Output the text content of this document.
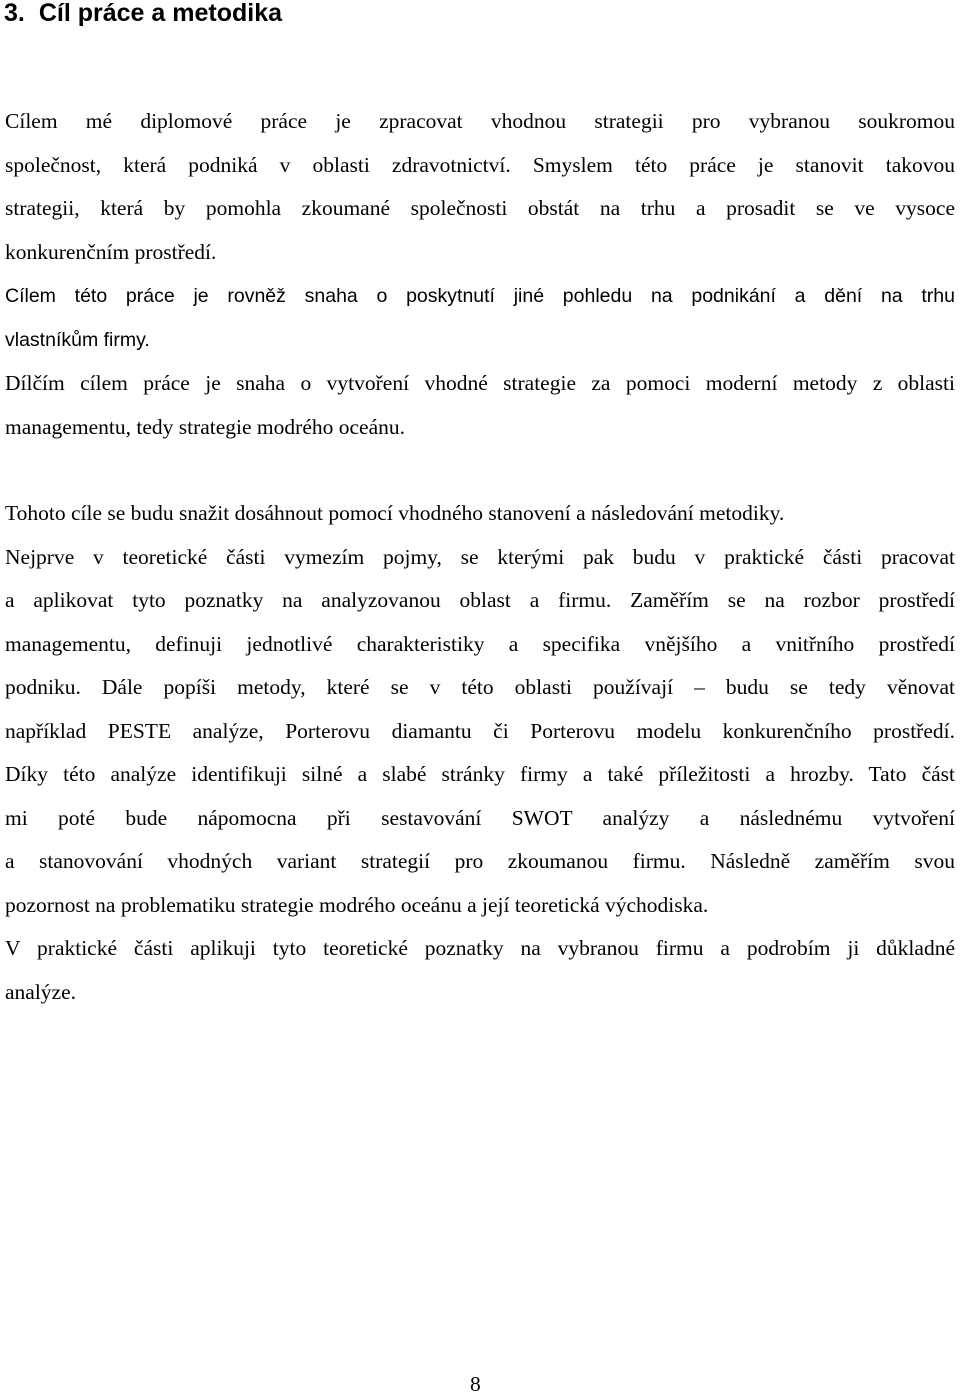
3. Cíl práce a metodika
Cílem mé diplomové práce je zpracovat vhodnou strategii pro vybranou soukromou
společnost, která podniká v oblasti zdravotnictví. Smyslem této práce je stanovit takovou
strategii, která by pomohla zkoumané společnosti obstát na trhu a prosadit se ve vysoce
konkurenčním prostředí.
Cílem této práce je rovněž snaha o poskytnutí jiné pohledu na podnikání a dění na trhu
vlastníkům firmy.
Dílčím cílem práce je snaha o vytvoření vhodné strategie za pomoci moderní metody z oblasti
managementu, tedy strategie modrého oceánu.
Tohoto cíle se budu snažit dosáhnout pomocí vhodného stanovení a následování metodiky.
Nejprve v teoretické části vymezím pojmy, se kterými pak budu v praktické části pracovat
a aplikovat tyto poznatky na analyzovanou oblast a firmu. Zaměřím se na rozbor prostředí
managementu, definuji jednotlivé charakteristiky a specifika vnějšího a vnitřního prostředí
podniku. Dále popíši metody, které se v této oblasti používají – budu se tedy věnovat
například PESTE analýze, Porterovu diamantu či Porterovu modelu konkurenčního prostředí.
Díky této analýze identifikuji silné a slabé stránky firmy a také příležitosti a hrozby. Tato část
mi poté bude nápomocna při sestavování SWOT analýzy a následnému vytvoření
a stanovování vhodných variant strategií pro zkoumanou firmu. Následně zaměřím svou
pozornost na problematiku strategie modrého oceánu a její teoretická východiska.
V praktické části aplikuji tyto teoretické poznatky na vybranou firmu a podrobím ji důkladné
analýze.
8
